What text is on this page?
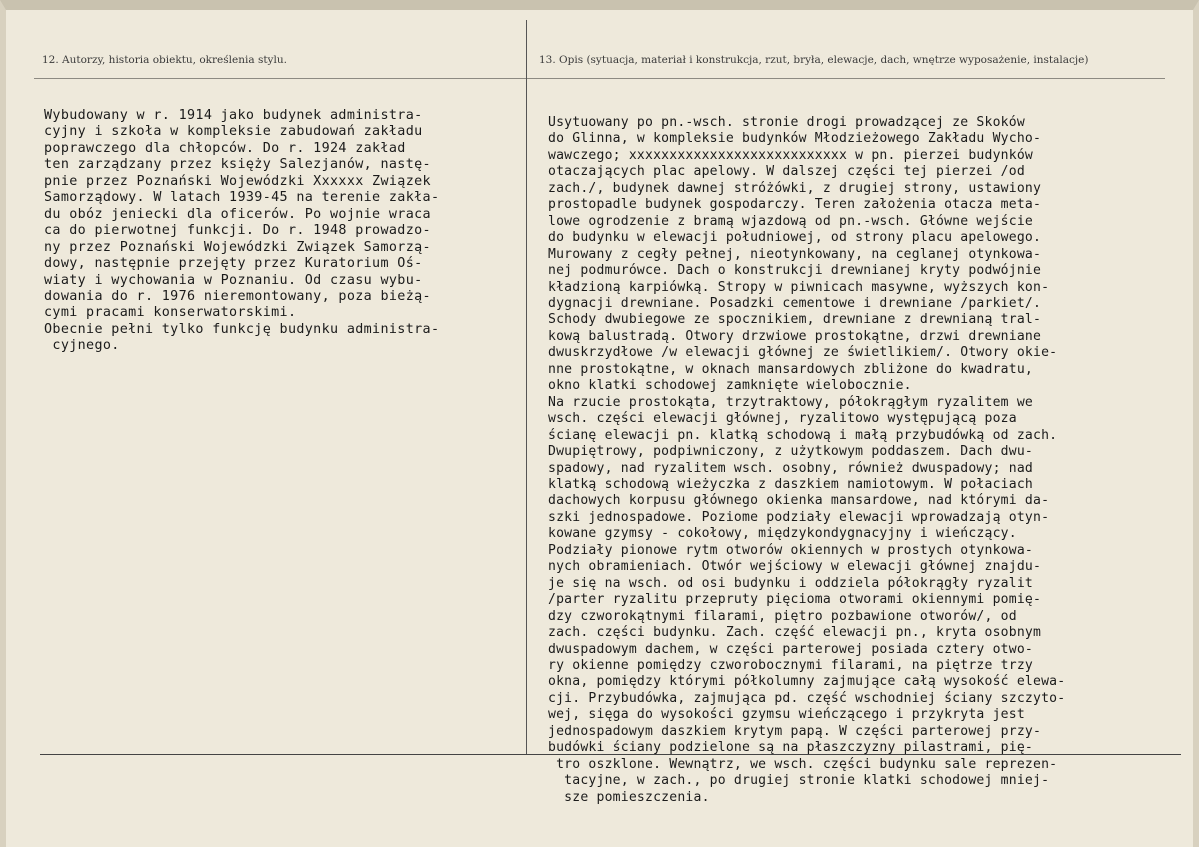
12. Autorzy, historia obiektu, określenia stylu.	13. Opis (sytuacja, materiał i konstrukcja, rzut, bryła, elewacje, dach, wnętrze wyposażenie, instalacje)
Wybudowany w r. 1914 jako budynek administra-
cyjny i szkoła w kompleksie zabudowań zakładu
poprawczego dla chłopców. Do r. 1924 zakład
ten zarządzany przez księży Salezjanów, nastę-
pnie przez Poznański Wojewódzki Xxxxxx Związek
Samorządowy. W latach 1939-45 na terenie zakła-
du obóz jeniecki dla oficerów. Po wojnie wraca
ca do pierwotnej funkcji. Do r. 1948 prowadzo-
ny przez Poznański Wojewódzki Związek Samorzą-
dowy, następnie przejęty przez Kuratorium Oś-
wiaty i wychowania w Poznaniu. Od czasu wybu-
dowania do r. 1976 nieremontowany, poza bieżą-
cymi pracami konserwatorskimi.
Obecnie pełni tylko funkcję budynku administra-
cyjnego.
Usytuowany po pn.-wsch. stronie drogi prowadzącej ze Skoków
do Glinna, w kompleksie budynków Młodzieżowego Zakładu Wycho-
wawczego; xxxxxxxxxxxxxxxxxxxxxxxxxxx w pn. pierzei budynków
otaczających plac apelowy. W dalszej części tej pierzei /od
zach./, budynek dawnej stróżówki, z drugiej strony, ustawiony
prostopadle budynek gospodarczy. Teren założenia otacza meta-
lowe ogrodzenie z bramą wjazdową od pn.-wsch. Główne wejście
do budynku w elewacji południowej, od strony placu apelowego.
Murowany z cegły pełnej, nieotynkowany, na ceglanej otynkowa-
nej podmurówce. Dach o konstrukcji drewnianej kryty podwójnie
kładzioną karpiówką. Stropy w piwnicach masywne, wyższych kon-
dygnacji drewniane. Posadzki cementowe i drewniane /parkiet/.
Schody dwubiegowe ze spocznikiem, drewniane z drewnianą tral-
kową balustradą. Otwory drzwiowe prostokątne, drzwi drewniane
dwuskrzydłowe /w elewacji głównej ze świetlikiem/. Otwory okie-
nne prostokątne, w oknach mansardowych zbliżone do kwadratu,
okno klatki schodowej zamknięte wielobocznie.
Na rzucie prostokąta, trzytraktowy, półokrągłym ryzalitem we
wsch. części elewacji głównej, ryzalitowo występującą poza
ścianę elewacji pn. klatką schodową i małą przybudówką od zach.
Dwupiętrowy, podpiwniczony, z użytkowym poddaszem. Dach dwu-
spadowy, nad ryzalitem wsch. osobny, również dwuspadowy; nad
klatką schodową wieżyczka z daszkiem namiotowym. W połaciach
dachowych korpusu głównego okienka mansardowe, nad którymi da-
szki jednospadowe. Poziome podziały elewacji wprowadzają otyn-
kowane gzymsy - cokołowy, międzykondygnacyjny i wieńczący.
Podziały pionowe rytm otworów okiennych w prostych otynkowa-
nych obramieniach. Otwór wejściowy w elewacji głównej znajdu-
je się na wsch. od osi budynku i oddziela półokrągły ryzalit
/parter ryzalitu przepruty pięcioma otworami okiennymi pomię-
dzy czworokątnymi filarami, piętro pozbawione otworów/, od
zach. części budynku. Zach. część elewacji pn., kryta osobnym
dwuspadowym dachem, w części parterowej posiada cztery otwo-
ry okienne pomiędzy czworobocznymi filarami, na piętrze trzy
okna, pomiędzy którymi półkolumny zajmujące całą wysokość elewa-
cji. Przybudówka, zajmująca pd. część wschodniej ściany szczyto-
wej, sięga do wysokości gzymsu wieńczącego i przykryta jest
jednospadowym daszkiem krytym papą. W części parterowej przy-
budówki ściany podzielone są na płaszczyzny pilastrami, pię-
tro oszklone. Wewnątrz, we wsch. części budynku sale reprezen-
tacyjne, w zach., po drugiej stronie klatki schodowej mniej-
sze pomieszczenia.
